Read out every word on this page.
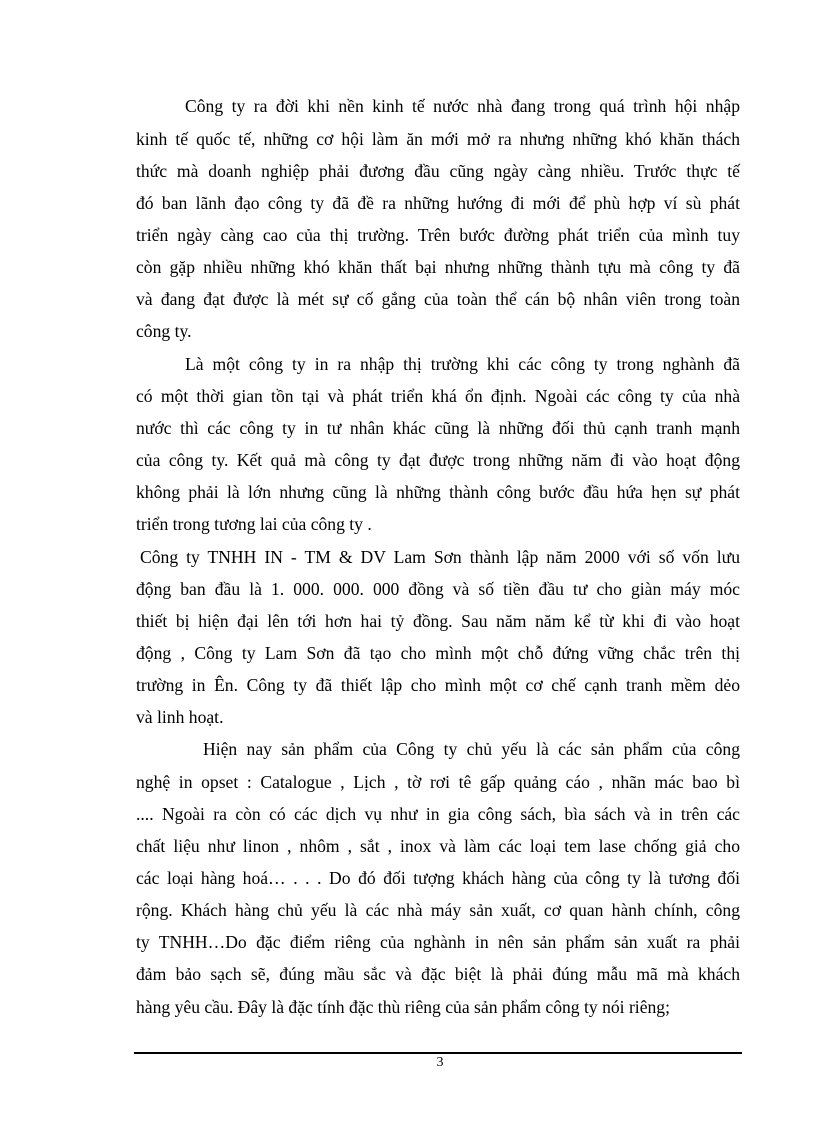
Công ty ra đời khi nền kinh tế nước nhà đang trong quá trình hội nhập
kinh tế quốc tế, những cơ hội làm ăn mới mở ra nhưng những khó khăn thách
thức mà doanh nghiệp phải đương đầu cũng ngày càng nhiều. Trước thực tế
đó ban lãnh đạo công ty đã đề ra những hướng đi mới để phù hợp ví sù phát
triển ngày càng cao của thị trường. Trên bước đường phát triển của mình tuy
còn gặp nhiều những khó khăn thất bại nhưng những thành tựu mà công ty đã
và đang đạt được là mét sự cố gắng của toàn thể cán bộ nhân viên trong toàn
công ty.
Là một công ty in ra nhập thị trường khi các công ty trong nghành đã
có một thời gian tồn tại và phát triển khá ổn định. Ngoài các công ty của nhà
nước thì các công ty in tư nhân khác cũng là những đối thủ cạnh tranh mạnh
của công ty. Kết quả mà công ty đạt được trong những năm đi vào hoạt động
không phải là lớn nhưng cũng là những thành công bước đầu hứa hẹn sự phát
triển trong tương lai của công ty .
Công ty TNHH IN - TM & DV Lam Sơn thành lập năm 2000 với số vốn lưu
động ban đầu là 1. 000. 000. 000 đồng và số tiền đầu tư cho giàn máy móc
thiết bị hiện đại lên tới hơn hai tỷ đồng. Sau năm năm kể từ khi đi vào hoạt
động , Công ty Lam Sơn đã tạo cho mình một chỗ đứng vững chắc trên thị
trường in Ên. Công ty đã thiết lập cho mình một cơ chế cạnh tranh mềm dẻo
và linh hoạt.
Hiện nay sản phẩm của Công ty chủ yếu là các sản phẩm của công
nghệ in opset : Catalogue , Lịch , tờ rơi tê gấp quảng cáo , nhãn mác bao bì
.... Ngoài ra còn có các dịch vụ như in gia công sách, bìa sách và in trên các
chất liệu như linon , nhôm , sắt , inox và làm các loại tem lase chống giả cho
các loại hàng hoá… . . . Do đó đối tượng khách hàng của công ty là tương đối
rộng. Khách hàng chủ yếu là các nhà máy sản xuất, cơ quan hành chính, công
ty TNHH…Do đặc điểm riêng của nghành in nên sản phẩm sản xuất ra phải
đảm bảo sạch sẽ, đúng mầu sắc và đặc biệt là phải đúng mẫu mã mà khách
hàng yêu cầu. Đây là đặc tính đặc thù riêng của sản phẩm công ty nói riêng;
3
